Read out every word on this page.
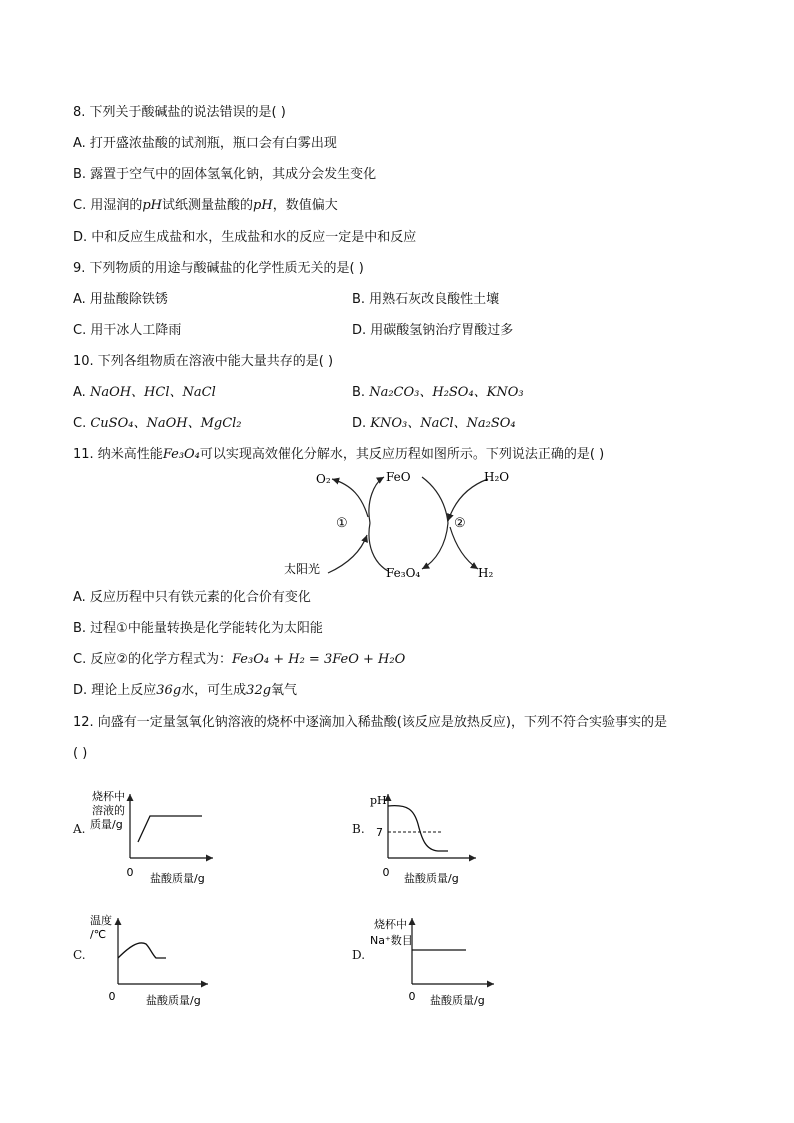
8. 下列关于酸碱盐的说法错误的是( )
A. 打开盛浓盐酸的试剂瓶，瓶口会有白雾出现
B. 露置于空气中的固体氢氧化钠，其成分会发生变化
C. 用湿润的pH试纸测量盐酸的pH，数值偏大
D. 中和反应生成盐和水，生成盐和水的反应一定是中和反应
9. 下列物质的用途与酸碱盐的化学性质无关的是( )
A. 用盐酸除铁锈	B. 用熟石灰改良酸性土壤
C. 用干冰人工降雨	D. 用碳酸氢钠治疗胃酸过多
10. 下列各组物质在溶液中能大量共存的是( )
A. NaOH、HCl、NaCl	B. Na₂CO₃、H₂SO₄、KNO₃
C. CuSO₄、NaOH、MgCl₂	D. KNO₃、NaCl、Na₂SO₄
11. 纳米高性能Fe₃O₄可以实现高效催化分解水，其反应历程如图所示。下列说法正确的是( )
O₂	FeO	H₂O
①	②
太阳光	Fe₃O₄	H₂
A. 反应历程中只有铁元素的化合价有变化
B. 过程①中能量转换是化学能转化为太阳能
C. 反应②的化学方程式为：Fe₃O₄ + H₂ = 3FeO + H₂O
D. 理论上反应36g水，可生成32g氧气
12. 向盛有一定量氢氧化钠溶液的烧杯中逐滴加入稀盐酸(该反应是放热反应)，下列不符合实验事实的是
( )
A.
烧杯中
溶液的
质量/g
0 盐酸质量/g
B.
pH
7
0 盐酸质量/g
C.
温度
/℃
0	盐酸质量/g
D.
烧杯中
Na⁺数目
0 盐酸质量/g
